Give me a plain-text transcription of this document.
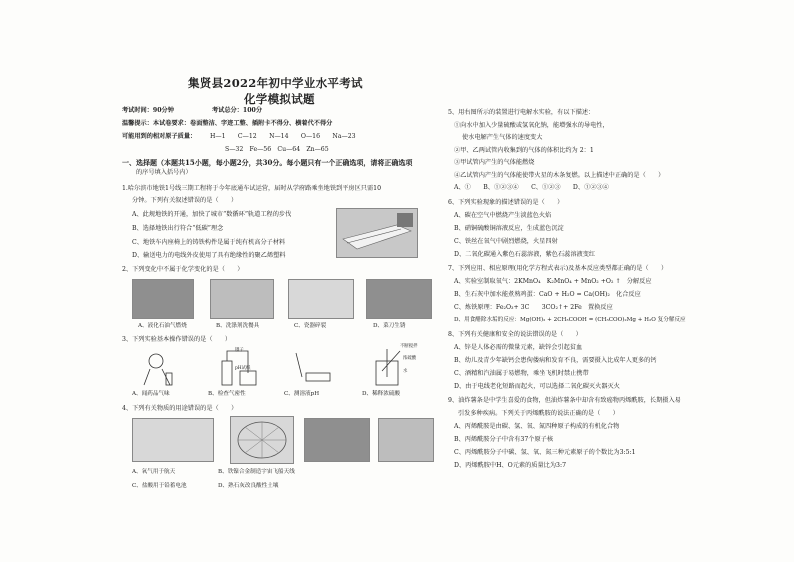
集贤县2022年初中学业水平考试
化学模拟试题
考试时间：90分钟	考试总分：100分
温馨提示：本试卷要求：卷面整洁、字迹工整、插附卡不得分、横着代不得分
可能用到的相对原子质量： H—1　　C—12　　N—14　　O—16　　Na—23
S—32　Fe—56　Cu—64　Zn—65
一、选择题（本题共15小题，每小题2分，共30分。每小题只有一个正确选项，请将正确选项
的序号填入括号内）
1.哈尔滨市地铁1号线三期工程将于今年底通车试运营，届时从学府路乘坐地铁到平房区只需10
分钟。下列有关叙述错误的是（　　）
A、此规地铁的开通，加快了城市“数循环”轨道工程的步伐
B、选择地铁出行符合“低碳”理念
C、地铁车内座椅上的铸铁构件是属于纯有机高分子材料
D、输送电力的电线外皮使用了具有绝缘性的聚乙烯塑料
2、下列变化中不属于化学变化的是（　　）
A、液化石油气燃烧	B、洗涤剂洗餐具	C、瓷器碎裂	D、菜刀生锈
3、下列实验基本操作错误的是（　　）
镊子
pH试纸
不断搅拌
浓硫酸
水
A、闻药品气味	B、检查气密性	C、测溶液pH	D、稀释浓硫酸
4、下列有关物质的用途错误的是（　　）
A、氧气用于航天	B、铁镍合金制造宇宙飞船天线
C、盐酸用于铅蓄电池	D、熟石灰改良酸性土壤
5、用右图所示的装置进行电解水实验，有以下描述：
①向水中加入少量硫酸或氢氧化钠，能增强水的导电性，
使水电解产生气体的速度变大
②甲、乙两试管内收集到的气体的体积比约为 2：1
③甲试管内产生的气体能燃烧
④乙试管内产生的气体能使带火星的木条复燃。以上描述中正确的是（　　）
A、①　　B、①②③④　　C、①②③　　D、①②③④
6、下列实验现象的描述错误的是（　　）
A、碳在空气中燃烧产生淡蓝色火焰
B、硝铜硫酸铜溶液反应，生成蓝色沉淀
C、铁丝在氧气中剧烈燃烧，火星四射
D、二氧化碳通入紫色石蕊溶液，紫色石蕊溶液变红
7、下列应用、相应原理(用化学方程式表示)及基本反应类型都正确的是（　　）
A、实验室制取氧气：2KMnO₄　K₂MnO₄ + MnO₂ +O₂ ↑　分解反应
B、生石灰中加水能煮熟鸡蛋：CaO + H₂O = Ca(OH)₂　化合反应
C、炼铁原理：Fe₂O₃+ 3C　　3CO₂↑+ 2Fe　置换反应
D、用食醋除水垢的反应：Mg(OH)₂ + 2CH₃COOH = (CH₃COO)₂Mg + H₂O 复分解反应
8、下列有关健康和安全的说法错误的是（　　）
A、锌是人体必需的微量元素，缺锌会引起贫血
B、幼儿及青少年缺钙会患佝偻病和发育不良，需要摄入比成年人更多的钙
C、酒精和汽油属于易燃物，乘坐飞机时禁止携带
D、由于电线老化短路而起火，可以选择二氧化碳灭火器灭火
9、油炸薯条是中学生喜爱的食物，但油炸薯条中却含有致癌物丙烯酰胺，长期摄入易
引发多种疾病。下列关于丙烯酰胺的说法正确的是（　　）
A、丙烯酰胺是由碳、氢、氧、氮四种原子构成的有机化合物
B、丙烯酰胺分子中含有37个原子核
C、丙烯酰胺分子中碳、氢、氧、氮三种元素原子的个数比为3:5:1
D、丙烯酰胺中H、O元素的质量比为3:7
